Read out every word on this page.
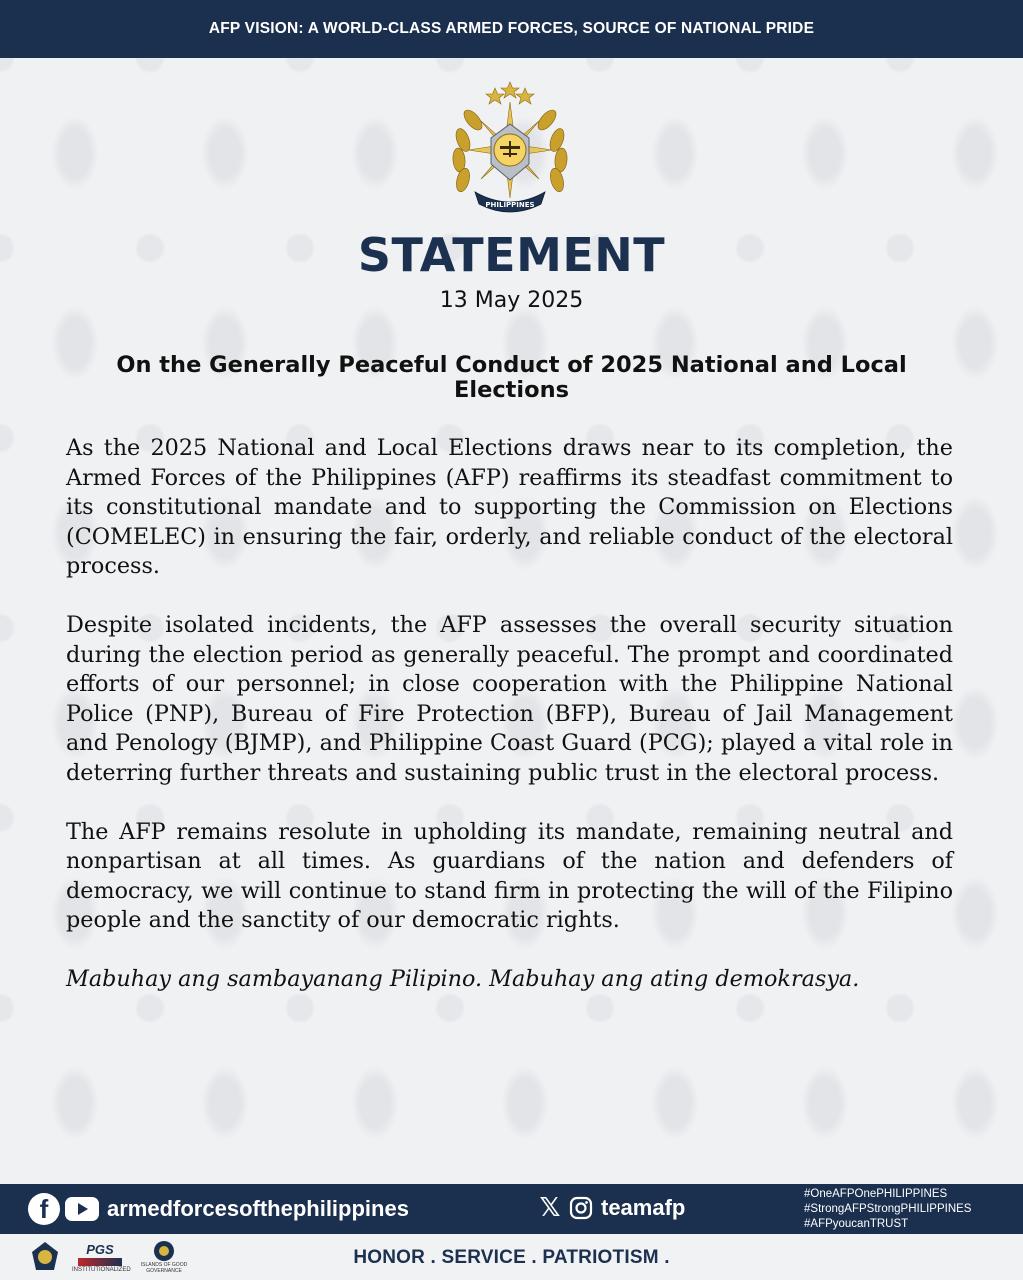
AFP VISION: A WORLD-CLASS ARMED FORCES, SOURCE OF NATIONAL PRIDE
PHILIPPINES
STATEMENT
13 May 2025
On the Generally Peaceful Conduct of 2025 National and Local Elections

As the 2025 National and Local Elections draws near to its completion, the Armed Forces of the Philippines (AFP) reaffirms its steadfast commitment to its constitutional mandate and to supporting the Commission on Elections (COMELEC) in ensuring the fair, orderly, and reliable conduct of the electoral process.

Despite isolated incidents, the AFP assesses the overall security situation during the election period as generally peaceful. The prompt and coordinated efforts of our personnel; in close cooperation with the Philippine National Police (PNP), Bureau of Fire Protection (BFP), Bureau of Jail Management and Penology (BJMP), and Philippine Coast Guard (PCG); played a vital role in deterring further threats and sustaining public trust in the electoral process.

The AFP remains resolute in upholding its mandate, remaining neutral and nonpartisan at all times. As guardians of the nation and defenders of democracy, we will continue to stand firm in protecting the will of the Filipino people and the sanctity of our democratic rights.

Mabuhay ang sambayanang Pilipino. Mabuhay ang ating demokrasya.

f	armedforcesofthephilippines	𝕏 teamafp
#OneAFPOnePHILIPPINES
#StrongAFPStrongPHILIPPINES
#AFPyoucanTRUST
PGS
INSTITUTIONALIZED
ISLANDS OF GOOD GOVERNANCE
HONOR . SERVICE . PATRIOTISM .
